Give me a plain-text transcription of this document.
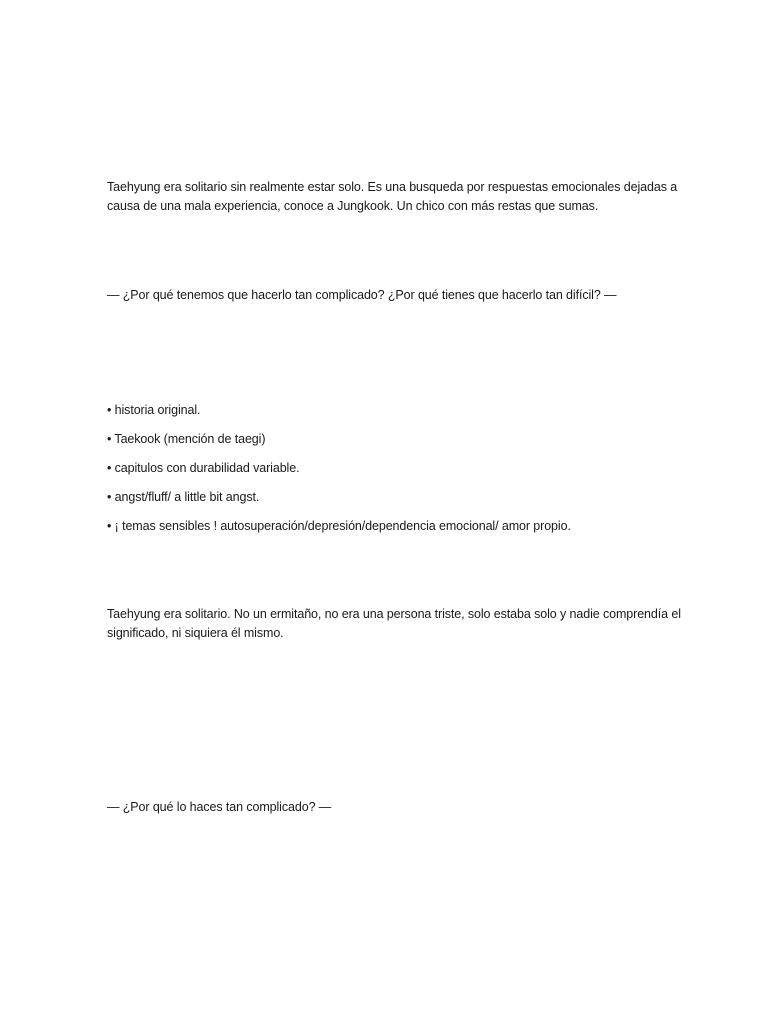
Taehyung era solitario sin realmente estar solo. Es una busqueda por respuestas emocionales dejadas a causa de una mala experiencia, conoce a Jungkook. Un chico con más restas que sumas.

— ¿Por qué tenemos que hacerlo tan complicado? ¿Por qué tienes que hacerlo tan difícil? —

• historia original.
• Taekook (mención de taegi)
• capitulos con durabilidad variable.
• angst/fluff/ a little bit angst.
• ¡ temas sensibles ! autosuperación/depresión/dependencia emocional/ amor propio.

Taehyung era solitario. No un ermitaño, no era una persona triste, solo estaba solo y nadie comprendía el significado, ni siquiera él mismo.

— ¿Por qué lo haces tan complicado? —
